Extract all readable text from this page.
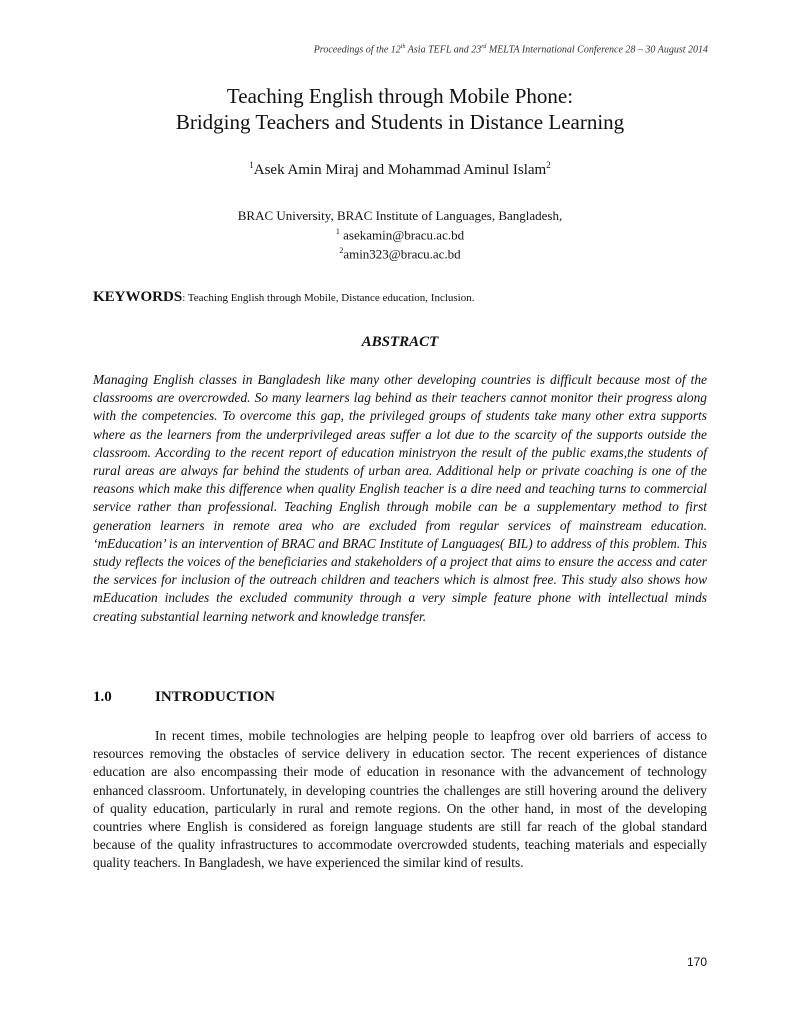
Proceedings of the 12th Asia TEFL and 23rd MELTA International Conference 28 – 30 August 2014
Teaching English through Mobile Phone:
Bridging Teachers and Students in Distance Learning
$^1$Asek Amin Miraj and Mohammad Aminul Islam$^2$
BRAC University, BRAC Institute of Languages, Bangladesh,
$^1$ asekamin@bracu.ac.bd
$^2$amin323@bracu.ac.bd
KEYWORDS: Teaching English through Mobile, Distance education, Inclusion.
ABSTRACT
Managing English classes in Bangladesh like many other developing countries is difficult because most of the classrooms are overcrowded. So many learners lag behind as their teachers cannot monitor their progress along with the competencies. To overcome this gap, the privileged groups of students take many other extra supports where as the learners from the underprivileged areas suffer a lot due to the scarcity of the supports outside the classroom. According to the recent report of education ministryon the result of the public exams,the students of rural areas are always far behind the students of urban area. Additional help or private coaching is one of the reasons which make this difference when quality English teacher is a dire need and teaching turns to commercial service rather than professional. Teaching English through mobile can be a supplementary method to first generation learners in remote area who are excluded from regular services of mainstream education. ‘mEducation’ is an intervention of BRAC and BRAC Institute of Languages( BIL) to address of this problem. This study reflects the voices of the beneficiaries and stakeholders of a project that aims to ensure the access and cater the services for inclusion of the outreach children and teachers which is almost free. This study also shows how mEducation includes the excluded community through a very simple feature phone with intellectual minds creating substantial learning network and knowledge transfer.
1.0	INTRODUCTION
In recent times, mobile technologies are helping people to leapfrog over old barriers of access to resources removing the obstacles of service delivery in education sector. The recent experiences of distance education are also encompassing their mode of education in resonance with the advancement of technology enhanced classroom. Unfortunately, in developing countries the challenges are still hovering around the delivery of quality education, particularly in rural and remote regions. On the other hand, in most of the developing countries where English is considered as foreign language students are still far reach of the global standard because of the quality infrastructures to accommodate overcrowded students, teaching materials and especially quality teachers. In Bangladesh, we have experienced the similar kind of results.
170
